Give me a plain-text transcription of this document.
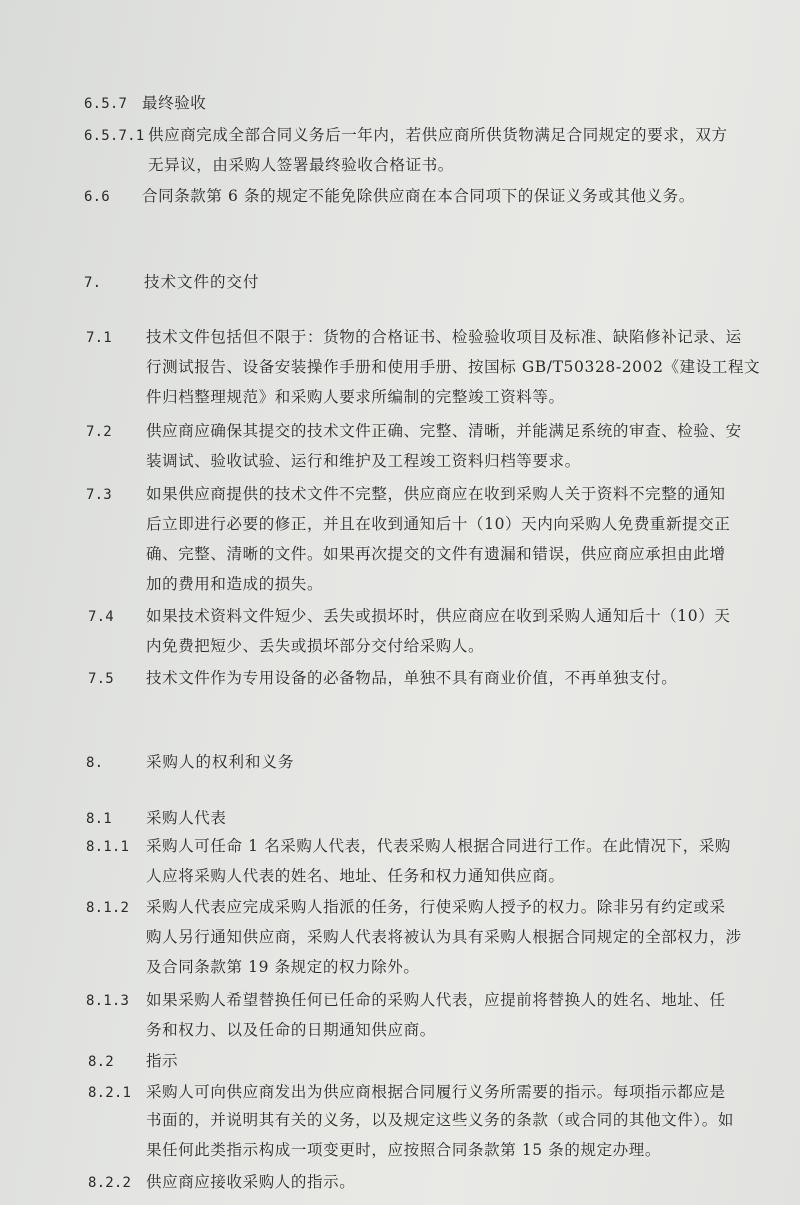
6.5.7 最终验收
6.5.7.1 供应商完成全部合同义务后一年内，若供应商所供货物满足合同规定的要求，双方
无异议，由采购人签署最终验收合格证书。
6.6 合同条款第 6 条的规定不能免除供应商在本合同项下的保证义务或其他义务。
7.	技术文件的交付
7.1 技术文件包括但不限于：货物的合格证书、检验验收项目及标准、缺陷修补记录、运
行测试报告、设备安装操作手册和使用手册、按国标 GB/T50328-2002《建设工程文
件归档整理规范》和采购人要求所编制的完整竣工资料等。
7.2 供应商应确保其提交的技术文件正确、完整、清晰，并能满足系统的审查、检验、安
装调试、验收试验、运行和维护及工程竣工资料归档等要求。
7.3 如果供应商提供的技术文件不完整，供应商应在收到采购人关于资料不完整的通知
后立即进行必要的修正，并且在收到通知后十（10）天内向采购人免费重新提交正
确、完整、清晰的文件。如果再次提交的文件有遗漏和错误，供应商应承担由此增
加的费用和造成的损失。
7.4 如果技术资料文件短少、丢失或损坏时，供应商应在收到采购人通知后十（10）天
内免费把短少、丢失或损坏部分交付给采购人。
7.5 技术文件作为专用设备的必备物品，单独不具有商业价值，不再单独支付。
8.	采购人的权利和义务
8.1 采购人代表
8.1.1 采购人可任命 1 名采购人代表，代表采购人根据合同进行工作。在此情况下，采购
人应将采购人代表的姓名、地址、任务和权力通知供应商。
8.1.2 采购人代表应完成采购人指派的任务，行使采购人授予的权力。除非另有约定或采
购人另行通知供应商，采购人代表将被认为具有采购人根据合同规定的全部权力，涉
及合同条款第 19 条规定的权力除外。
8.1.3 如果采购人希望替换任何已任命的采购人代表，应提前将替换人的姓名、地址、任
务和权力、以及任命的日期通知供应商。
8.2 指示
8.2.1 采购人可向供应商发出为供应商根据合同履行义务所需要的指示。每项指示都应是
书面的，并说明其有关的义务，以及规定这些义务的条款（或合同的其他文件）。如
果任何此类指示构成一项变更时，应按照合同条款第 15 条的规定办理。
8.2.2 供应商应接收采购人的指示。
